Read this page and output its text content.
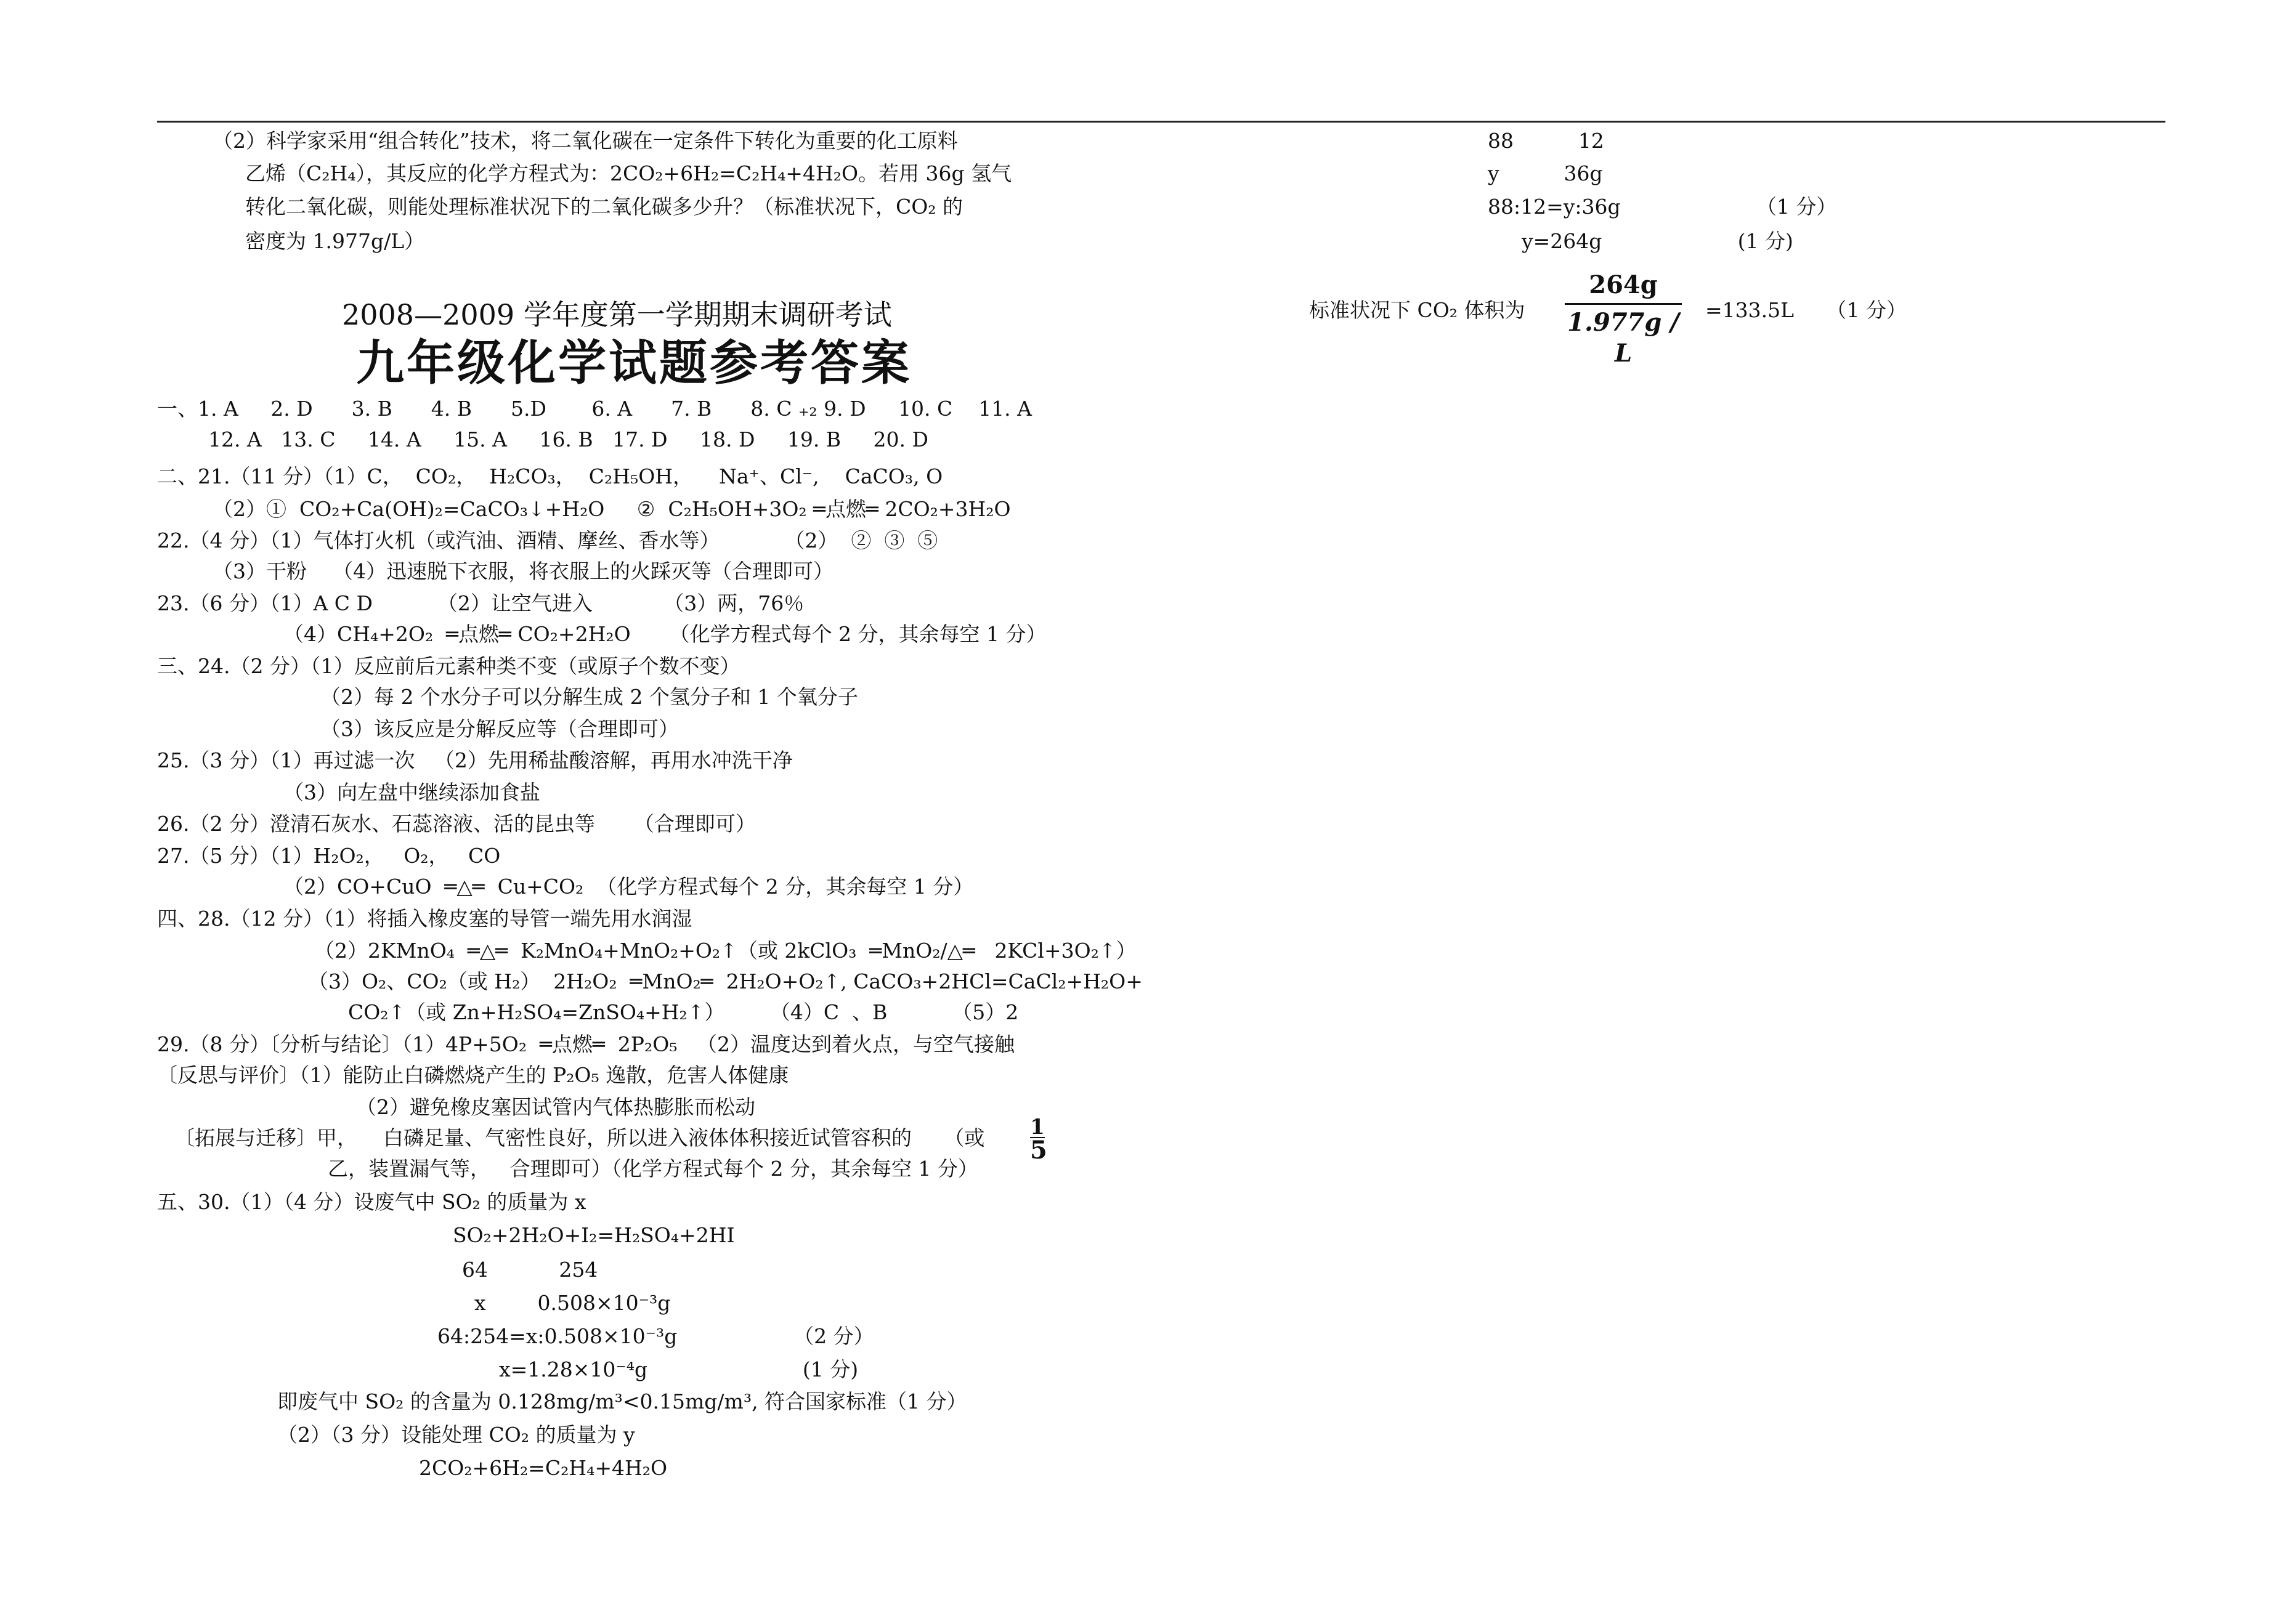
（2）科学家采用“组合转化”技术，将二氧化碳在一定条件下转化为重要的化工原料
乙烯（C₂H₄），其反应的化学方程式为：2CO₂+6H₂=C₂H₄+4H₂O。若用 36g 氢气
转化二氧化碳，则能处理标准状况下的二氧化碳多少升？（标准状况下，CO₂ 的
密度为 1.977g/L）
2008—2009 学年度第一学期期末调研考试
九年级化学试题参考答案
一、1. A     2. D      3. B      4. B      5.D       6. A      7. B      8. C ₊₂ 9. D     10. C    11. A
12. A   13. C     14. A     15. A     16. B   17. D     18. D     19. B     20. D
二、21.（11 分）（1）C，  CO₂，  H₂CO₃，  C₂H₅OH，    Na⁺、Cl⁻,    CaCO₃, O
（2）①  CO₂+Ca(OH)₂=CaCO₃↓+H₂O     ②  C₂H₅OH+3O₂ ═点燃═ 2CO₂+3H₂O
22.（4 分）（1）气体打火机（或汽油、酒精、摩丝、香水等）          （2）  ②  ③  ⑤
（3）干粉    （4）迅速脱下衣服，将衣服上的火踩灭等（合理即可）
23.（6 分）（1）A C D          （2）让空气进入           （3）两，76％
（4）CH₄+2O₂  ═点燃═ CO₂+2H₂O      （化学方程式每个 2 分，其余每空 1 分）
三、24.（2 分）（1）反应前后元素种类不变（或原子个数不变）
（2）每 2 个水分子可以分解生成 2 个氢分子和 1 个氧分子
（3）该反应是分解反应等（合理即可）
25.（3 分）（1）再过滤一次   （2）先用稀盐酸溶解，再用水冲洗干净
（3）向左盘中继续添加食盐
26.（2 分）澄清石灰水、石蕊溶液、活的昆虫等      （合理即可）
27.（5 分）（1）H₂O₂，   O₂，   CO
（2）CO+CuO  ═△═  Cu+CO₂  （化学方程式每个 2 分，其余每空 1 分）
四、28.（12 分）（1）将插入橡皮塞的导管一端先用水润湿
（2）2KMnO₄  ═△═  K₂MnO₄+MnO₂+O₂↑（或 2kClO₃  ═MnO₂/△═   2KCl+3O₂↑）
（3）O₂、CO₂（或 H₂）  2H₂O₂  ═MnO₂═  2H₂O+O₂↑, CaCO₃+2HCl=CaCl₂+H₂O+
CO₂↑（或 Zn+H₂SO₄=ZnSO₄+H₂↑）       （4）C  、B          （5）2
29.（8 分）〔分析与结论〕（1）4P+5O₂  ═点燃═  2P₂O₅   （2）温度达到着火点，与空气接触
〔反思与评价〕（1）能防止白磷燃烧产生的 P₂O₅ 逸散，危害人体健康
（2）避免橡皮塞因试管内气体热膨胀而松动
〔拓展与迁移〕甲，    白磷足量、气密性良好，所以进入液体体积接近试管容积的     （或 1
5
乙，装置漏气等，   合理即可）（化学方程式每个 2 分，其余每空 1 分）
五、30.（1）（4 分）设废气中 SO₂ 的质量为 x
SO₂+2H₂O+I₂=H₂SO₄+2HI
64           254
x        0.508×10⁻³g
64:254=x:0.508×10⁻³g                  （2 分）
x=1.28×10⁻⁴g                        (1 分)
即废气中 SO₂ 的含量为 0.128mg/m³<0.15mg/m³, 符合国家标准（1 分）
（2）（3 分）设能处理 CO₂ 的质量为 y
2CO₂+6H₂=C₂H₄+4H₂O
88          12
y          36g
88:12=y:36g                     （1 分）
y=264g                     (1 分)
标准状况下 CO₂ 体积为 $\frac{264g}{1.977g / L} =133.5L$     （1 分）
